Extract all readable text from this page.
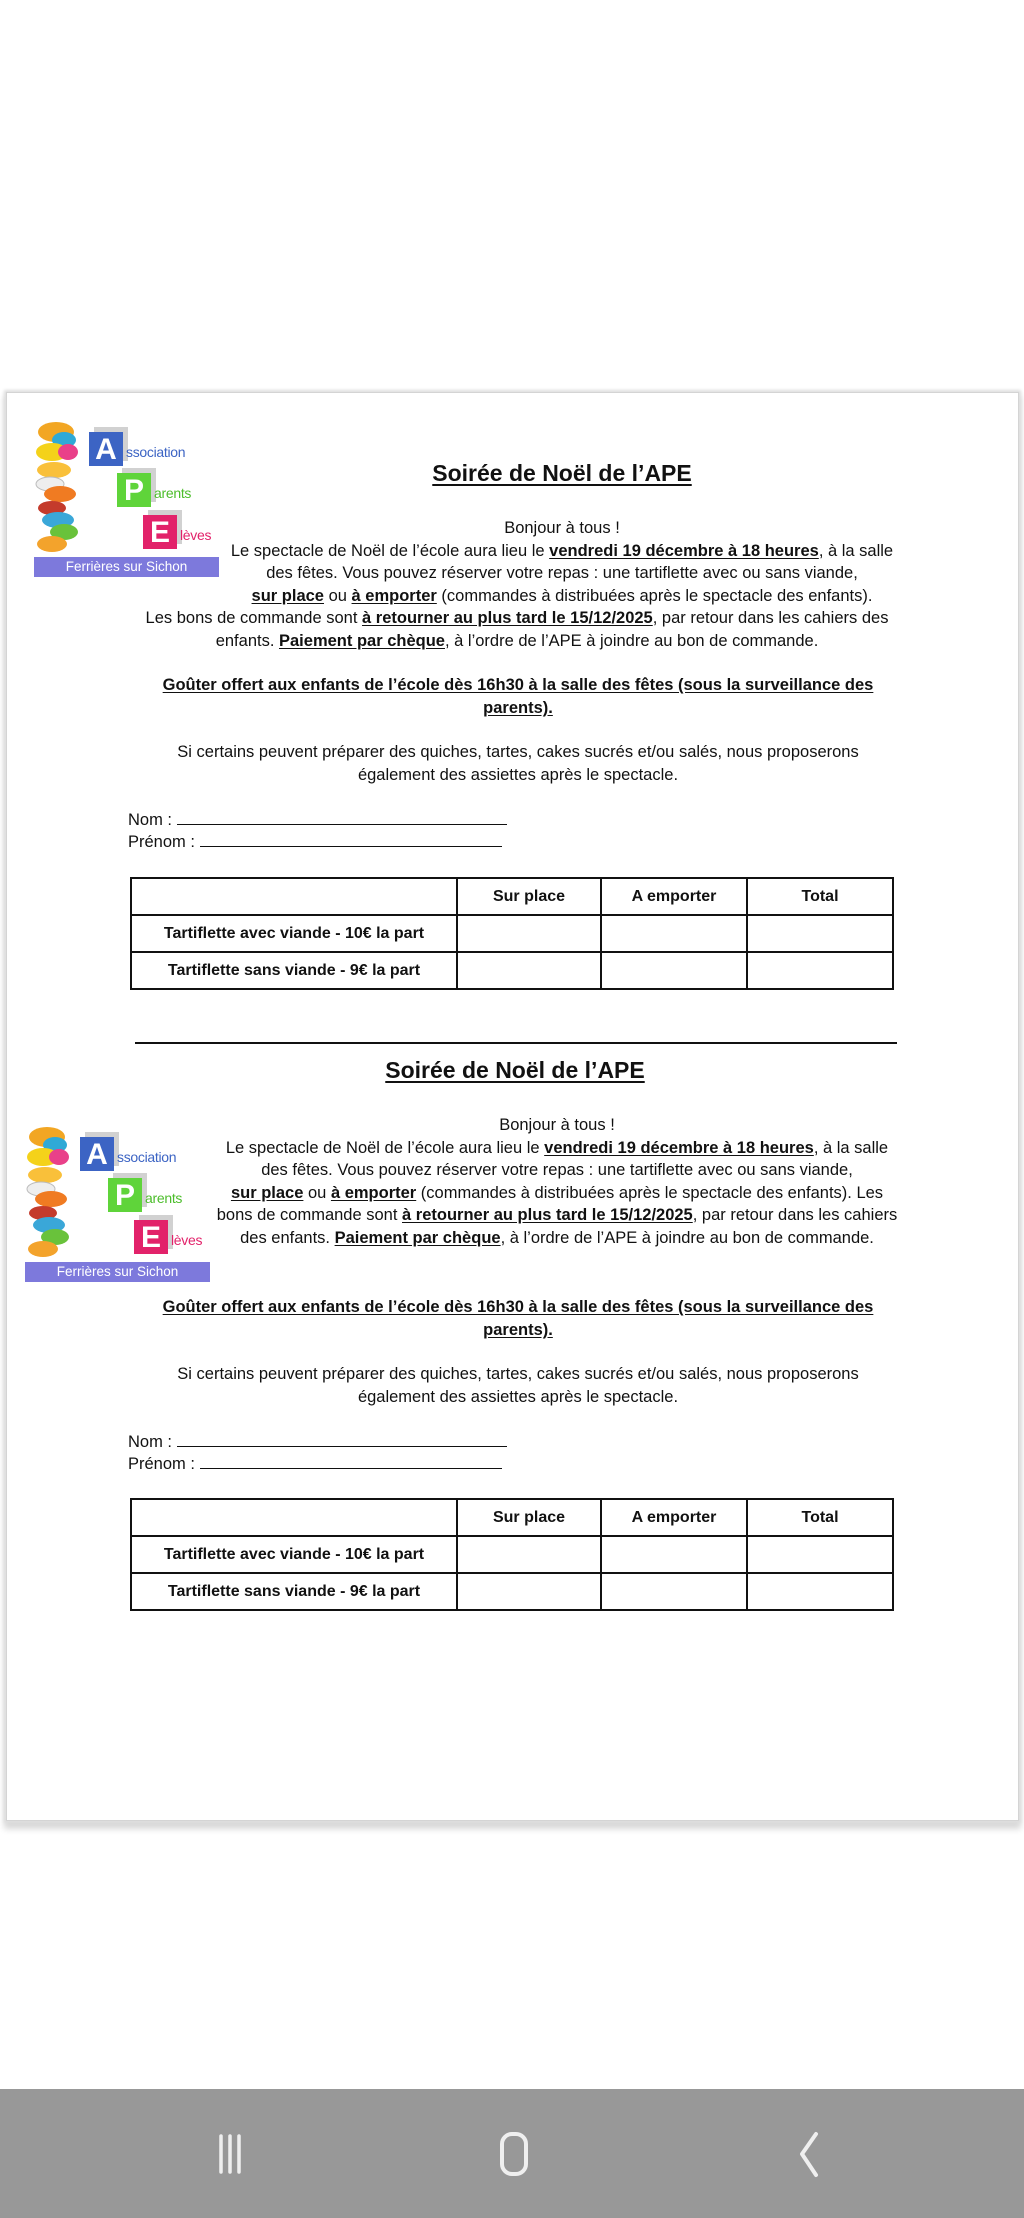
A ssociation
P arents
E lèves
Ferrières sur Sichon
Soirée de Noël de l’APE
Bonjour à tous !
Le spectacle de Noël de l’école aura lieu le vendredi 19 décembre à 18 heures, à la salle des fêtes. Vous pouvez réserver votre repas : une tartiflette avec ou sans viande,
sur place ou à emporter (commandes à distribuées après le spectacle des enfants).
Les bons de commande sont à retourner au plus tard le 15/12/2025, par retour dans les cahiers des enfants. Paiement par chèque, à l’ordre de l’APE à joindre au bon de commande.
Goûter offert aux enfants de l’école dès 16h30 à la salle des fêtes (sous la surveillance des parents).
Si certains peuvent préparer des quiches, tartes, cakes sucrés et/ou salés, nous proposerons également des assiettes après le spectacle.
Nom :
Prénom :
	Sur place	A emporter	Total
Tartiflette avec viande - 10€ la part			
Tartiflette sans viande - 9€ la part			
Soirée de Noël de l’APE
A ssociation
P arents
E lèves
Ferrières sur Sichon
Bonjour à tous !
Le spectacle de Noël de l’école aura lieu le vendredi 19 décembre à 18 heures, à la salle des fêtes. Vous pouvez réserver votre repas : une tartiflette avec ou sans viande,
sur place ou à emporter (commandes à distribuées après le spectacle des enfants). Les bons de commande sont à retourner au plus tard le 15/12/2025, par retour dans les cahiers des enfants. Paiement par chèque, à l’ordre de l’APE à joindre au bon de commande.
Goûter offert aux enfants de l’école dès 16h30 à la salle des fêtes (sous la surveillance des parents).
Si certains peuvent préparer des quiches, tartes, cakes sucrés et/ou salés, nous proposerons également des assiettes après le spectacle.
Nom :
Prénom :
	Sur place	A emporter	Total
Tartiflette avec viande - 10€ la part			
Tartiflette sans viande - 9€ la part			
